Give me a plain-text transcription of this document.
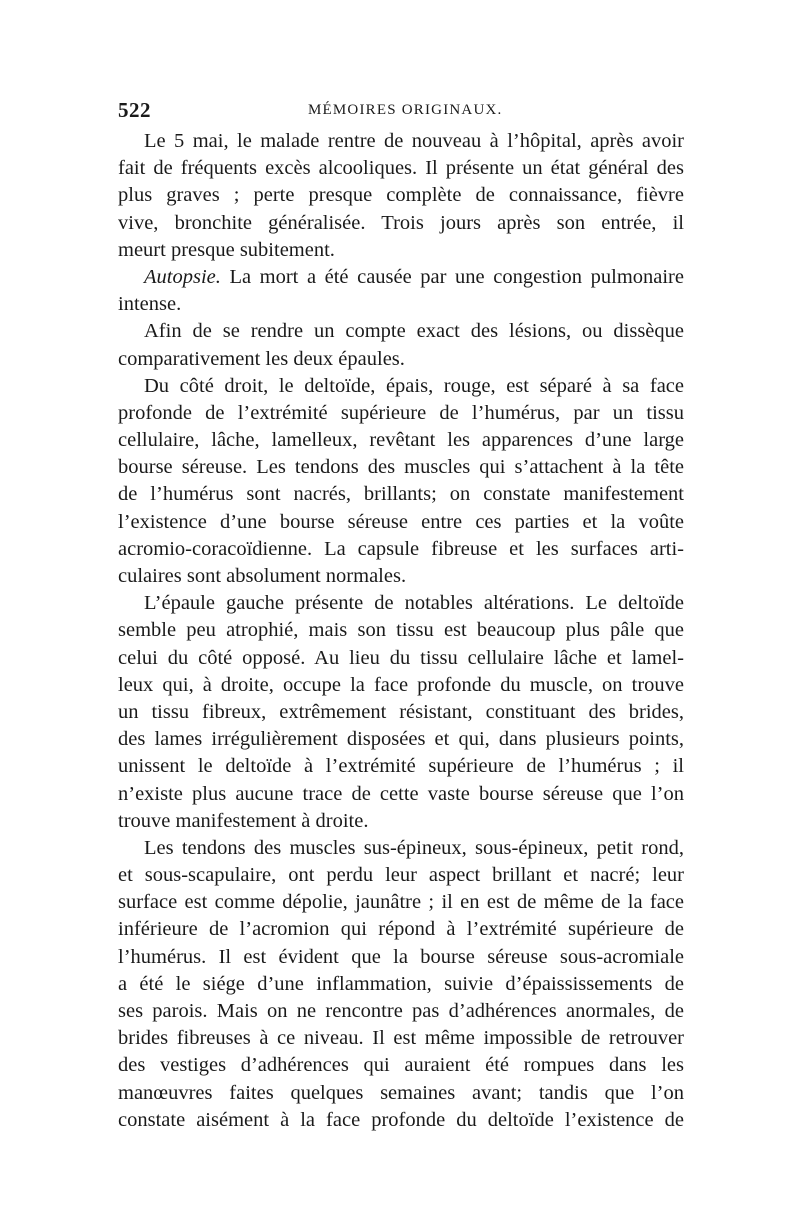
522	MÉMOIRES ORIGINAUX.
Le 5 mai, le malade rentre de nouveau à l’hôpital, après avoir
fait de fréquents excès alcooliques. Il présente un état général des
plus graves ; perte presque complète de connaissance, fièvre
vive, bronchite généralisée. Trois jours après son entrée, il
meurt presque subitement.
Autopsie. La mort a été causée par une congestion pulmonaire
intense.
Afin de se rendre un compte exact des lésions, ou dissèque
comparativement les deux épaules.
Du côté droit, le deltoïde, épais, rouge, est séparé à sa face
profonde de l’extrémité supérieure de l’humérus, par un tissu
cellulaire, lâche, lamelleux, revêtant les apparences d’une large
bourse séreuse. Les tendons des muscles qui s’attachent à la tête
de l’humérus sont nacrés, brillants; on constate manifestement
l’existence d’une bourse séreuse entre ces parties et la voûte
acromio-coracoïdienne. La capsule fibreuse et les surfaces arti-
culaires sont absolument normales.
L’épaule gauche présente de notables altérations. Le deltoïde
semble peu atrophié, mais son tissu est beaucoup plus pâle que
celui du côté opposé. Au lieu du tissu cellulaire lâche et lamel-
leux qui, à droite, occupe la face profonde du muscle, on trouve
un tissu fibreux, extrêmement résistant, constituant des brides,
des lames irrégulièrement disposées et qui, dans plusieurs points,
unissent le deltoïde à l’extrémité supérieure de l’humérus ; il
n’existe plus aucune trace de cette vaste bourse séreuse que l’on
trouve manifestement à droite.
Les tendons des muscles sus-épineux, sous-épineux, petit rond,
et sous-scapulaire, ont perdu leur aspect brillant et nacré; leur
surface est comme dépolie, jaunâtre ; il en est de même de la face
inférieure de l’acromion qui répond à l’extrémité supérieure de
l’humérus. Il est évident que la bourse séreuse sous-acromiale
a été le siége d’une inflammation, suivie d’épaississements de
ses parois. Mais on ne rencontre pas d’adhérences anormales, de
brides fibreuses à ce niveau. Il est même impossible de retrouver
des vestiges d’adhérences qui auraient été rompues dans les
manœuvres faites quelques semaines avant; tandis que l’on
constate aisément à la face profonde du deltoïde l’existence de
